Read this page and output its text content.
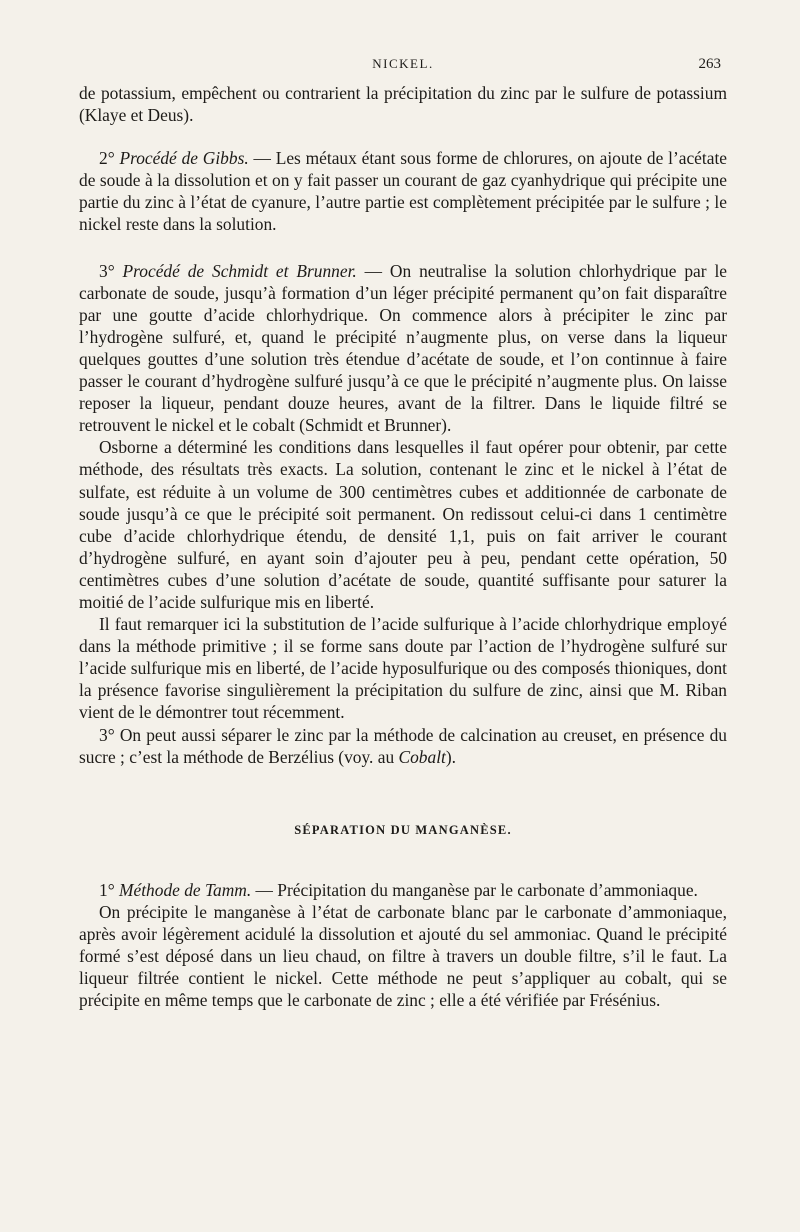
NICKEL.	263

de potassium, empêchent ou contrarient la précipitation du zinc par le sulfure de potassium (Klaye et Deus).

2° Procédé de Gibbs. — Les métaux étant sous forme de chlorures, on ajoute de l’acétate de soude à la dissolution et on y fait passer un courant de gaz cyanhydrique qui précipite une partie du zinc à l’état de cyanure, l’autre partie est complètement précipitée par le sulfure ; le nickel reste dans la solution.

3° Procédé de Schmidt et Brunner. — On neutralise la solution chlorhydrique par le carbonate de soude, jusqu’à formation d’un léger précipité permanent qu’on fait disparaître par une goutte d’acide chlorhydrique. On commence alors à précipiter le zinc par l’hydrogène sulfuré, et, quand le précipité n’augmente plus, on verse dans la liqueur quelques gouttes d’une solution très étendue d’acétate de soude, et l’on continnue à faire passer le courant d’hydrogène sulfuré jusqu’à ce que le précipité n’augmente plus. On laisse reposer la liqueur, pendant douze heures, avant de la filtrer. Dans le liquide filtré se retrouvent le nickel et le cobalt (Schmidt et Brunner).

Osborne a déterminé les conditions dans lesquelles il faut opérer pour obtenir, par cette méthode, des résultats très exacts. La solution, contenant le zinc et le nickel à l’état de sulfate, est réduite à un volume de 300 centimètres cubes et additionnée de carbonate de soude jusqu’à ce que le précipité soit permanent. On redissout celui-ci dans 1 centimètre cube d’acide chlorhydrique étendu, de densité 1,1, puis on fait arriver le courant d’hydrogène sulfuré, en ayant soin d’ajouter peu à peu, pendant cette opération, 50 centimètres cubes d’une solution d’acétate de soude, quantité suffisante pour saturer la moitié de l’acide sulfurique mis en liberté.

Il faut remarquer ici la substitution de l’acide sulfurique à l’acide chlorhydrique employé dans la méthode primitive ; il se forme sans doute par l’action de l’hydrogène sulfuré sur l’acide sulfurique mis en liberté, de l’acide hyposulfurique ou des composés thioniques, dont la présence favorise singulièrement la précipitation du sulfure de zinc, ainsi que M. Riban vient de le démontrer tout récemment.

3° On peut aussi séparer le zinc par la méthode de calcination au creuset, en présence du sucre ; c’est la méthode de Berzélius (voy. au Cobalt).

SÉPARATION DU MANGANÈSE.

1° Méthode de Tamm. — Précipitation du manganèse par le carbonate d’ammoniaque.

On précipite le manganèse à l’état de carbonate blanc par le carbonate d’ammoniaque, après avoir légèrement acidulé la dissolution et ajouté du sel ammoniac. Quand le précipité formé s’est déposé dans un lieu chaud, on filtre à travers un double filtre, s’il le faut. La liqueur filtrée contient le nickel. Cette méthode ne peut s’appliquer au cobalt, qui se précipite en même temps que le carbonate de zinc ; elle a été vérifiée par Frésénius.
